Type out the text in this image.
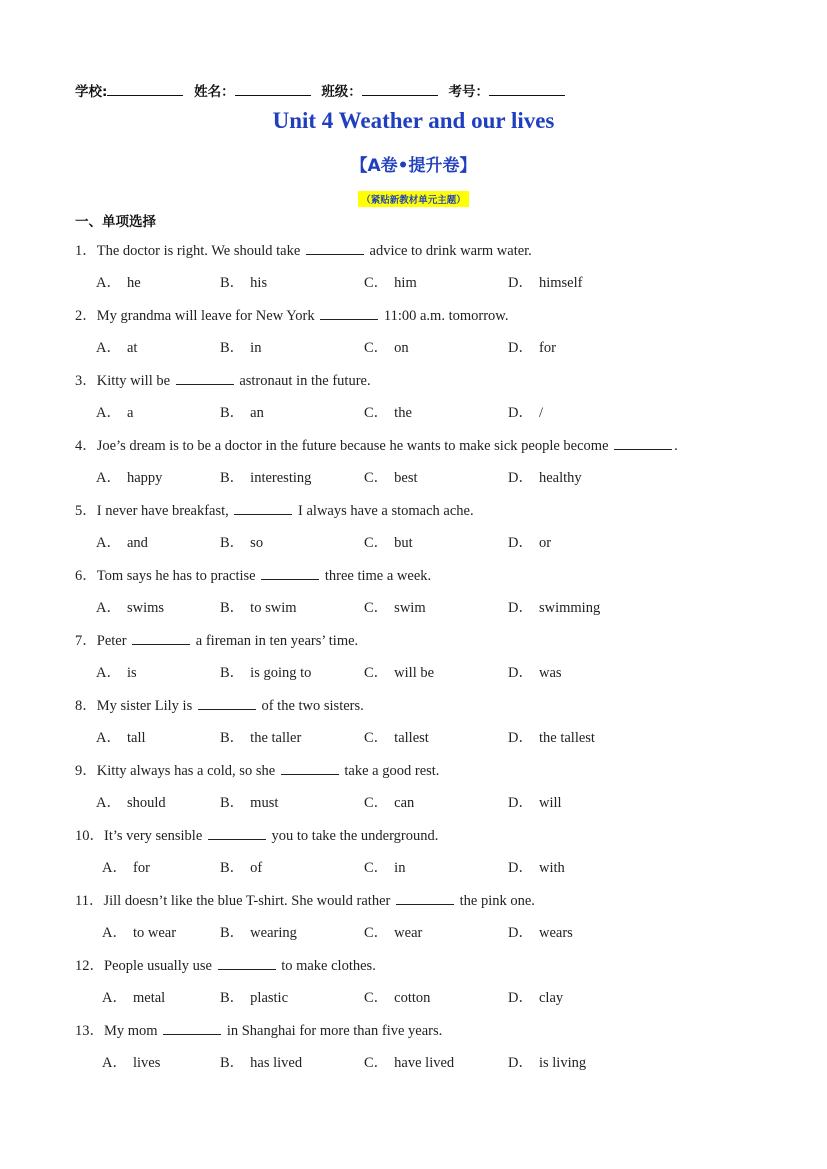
学校:	姓名：	班级：	考号：
Unit 4 Weather and our lives
【A卷•提升卷】
（紧贴新教材单元主题）
一、单项选择
1．The doctor is right. We should take	advice to drink warm water.
A． he	B． his	C． him	D． himself
2．My grandma will leave for New York	11:00 a.m. tomorrow.
A． at	B． in	C． on	D． for
3．Kitty will be	astronaut in the future.
A． a	B． an	C． the	D． /
4．Joe’s dream is to be a doctor in the future because he wants to make sick people become	.
A． happy	B． interesting	C． best	D． healthy
5．I never have breakfast,	I always have a stomach ache.
A． and	B． so	C． but	D． or
6．Tom says he has to practise	three time a week.
A． swims	B． to swim	C． swim	D． swimming
7．Peter	a fireman in ten years’ time.
A． is	B． is going to	C． will be	D． was
8．My sister Lily is	of the two sisters.
A． tall	B． the taller	C． tallest	D． the tallest
9．Kitty always has a cold, so she	take a good rest.
A． should	B． must	C． can	D． will
10．It’s very sensible	you to take the underground.
A． for	B． of	C． in	D． with
11．Jill doesn’t like the blue T-shirt. She would rather	the pink one.
A． to wear	B． wearing	C． wear	D． wears
12．People usually use	to make clothes.
A． metal	B． plastic	C． cotton	D． clay
13．My mom	in Shanghai for more than five years.
A． lives	B． has lived	C． have lived	D． is living
